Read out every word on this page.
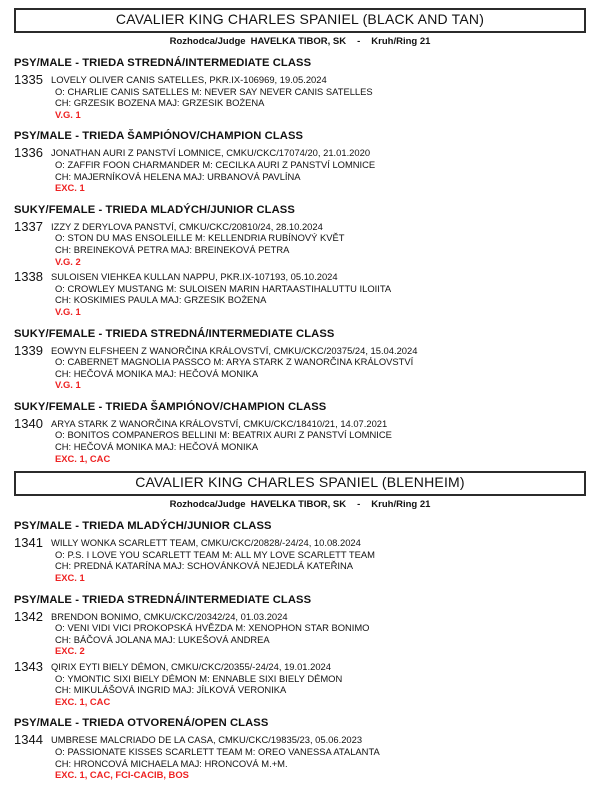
CAVALIER KING CHARLES SPANIEL (BLACK AND TAN)
Rozhodca/Judge HAVELKA TIBOR, SK - Kruh/Ring 21
PSY/MALE - TRIEDA STREDNÁ/INTERMEDIATE CLASS
1335 LOVELY OLIVER CANIS SATELLES, PKR.IX-106969, 19.05.2024
O: CHARLIE CANIS SATELLES M: NEVER SAY NEVER CANIS SATELLES
CH: GRZESIK BOZENA MAJ: GRZESIK BOŻENA
V.G. 1
PSY/MALE - TRIEDA ŠAMPIÓNOV/CHAMPION CLASS
1336 JONATHAN AURI Z PANSTVÍ LOMNICE, CMKU/CKC/17074/20, 21.01.2020
O: ZAFFIR FOON CHARMANDER M: CECILKA AURI Z PANSTVÍ LOMNICE
CH: MAJERNÍKOVÁ HELENA MAJ: URBANOVÁ PAVLÍNA
EXC. 1
SUKY/FEMALE - TRIEDA MLADÝCH/JUNIOR CLASS
1337 IZZY Z DERYLOVA PANSTVÍ, CMKU/CKC/20810/24, 28.10.2024
O: STON DU MAS ENSOLEILLE M: KELLENDRIA RUBÍNOVÝ KVĚT
CH: BREINEKOVÁ PETRA MAJ: BREINEKOVÁ PETRA
V.G. 2
1338 SULOISEN VIEHKEA KULLAN NAPPU, PKR.IX-107193, 05.10.2024
O: CROWLEY MUSTANG M: SULOISEN MARIN HARTAASTIHALUTTU ILOIITA
CH: KOSKIMIES PAULA MAJ: GRZESIK BOŻENA
V.G. 1
SUKY/FEMALE - TRIEDA STREDNÁ/INTERMEDIATE CLASS
1339 EOWYN ELFSHEEN Z WANORČINA KRÁLOVSTVÍ, CMKU/CKC/20375/24, 15.04.2024
O: CABERNET MAGNOLIA PASSCO M: ARYA STARK Z WANORČINA KRÁLOVSTVÍ
CH: HEČOVÁ MONIKA MAJ: HEČOVÁ MONIKA
V.G. 1
SUKY/FEMALE - TRIEDA ŠAMPIÓNOV/CHAMPION CLASS
1340 ARYA STARK Z WANORČINA KRÁLOVSTVÍ, CMKU/CKC/18410/21, 14.07.2021
O: BONITOS COMPANEROS BELLINI M: BEATRIX AURI Z PANSTVÍ LOMNICE
CH: HEČOVÁ MONIKA MAJ: HEČOVÁ MONIKA
EXC. 1, CAC
CAVALIER KING CHARLES SPANIEL (BLENHEIM)
Rozhodca/Judge HAVELKA TIBOR, SK - Kruh/Ring 21
PSY/MALE - TRIEDA MLADÝCH/JUNIOR CLASS
1341 WILLY WONKA SCARLETT TEAM, CMKU/CKC/20828/-24/24, 10.08.2024
O: P.S. I LOVE YOU SCARLETT TEAM M: ALL MY LOVE SCARLETT TEAM
CH: PREDNÁ KATARÍNA MAJ: SCHOVÁNKOVÁ NEJEDLÁ KATEŘINA
EXC. 1
PSY/MALE - TRIEDA STREDNÁ/INTERMEDIATE CLASS
1342 BRENDON BONIMO, CMKU/CKC/20342/24, 01.03.2024
O: VENI VIDI VICI PROKOPSKÁ HVĚZDA M: XENOPHON STAR BONIMO
CH: BÁČOVÁ JOLANA MAJ: LUKEŠOVÁ ANDREA
EXC. 2
1343 QIRIX EYTI BIELY DÉMON, CMKU/CKC/20355/-24/24, 19.01.2024
O: YMONTIC SIXI BIELY DÉMON M: ENNABLE SIXI BIELY DÉMON
CH: MIKULÁŠOVÁ INGRID MAJ: JÍLKOVÁ VERONIKA
EXC. 1, CAC
PSY/MALE - TRIEDA OTVORENÁ/OPEN CLASS
1344 UMBRESE MALCRIADO DE LA CASA, CMKU/CKC/19835/23, 05.06.2023
O: PASSIONATE KISSES SCARLETT TEAM M: OREO VANESSA ATALANTA
CH: HRONCOVÁ MICHAELA MAJ: HRONCOVÁ M.+M.
EXC. 1, CAC, FCI-CACIB, BOS
